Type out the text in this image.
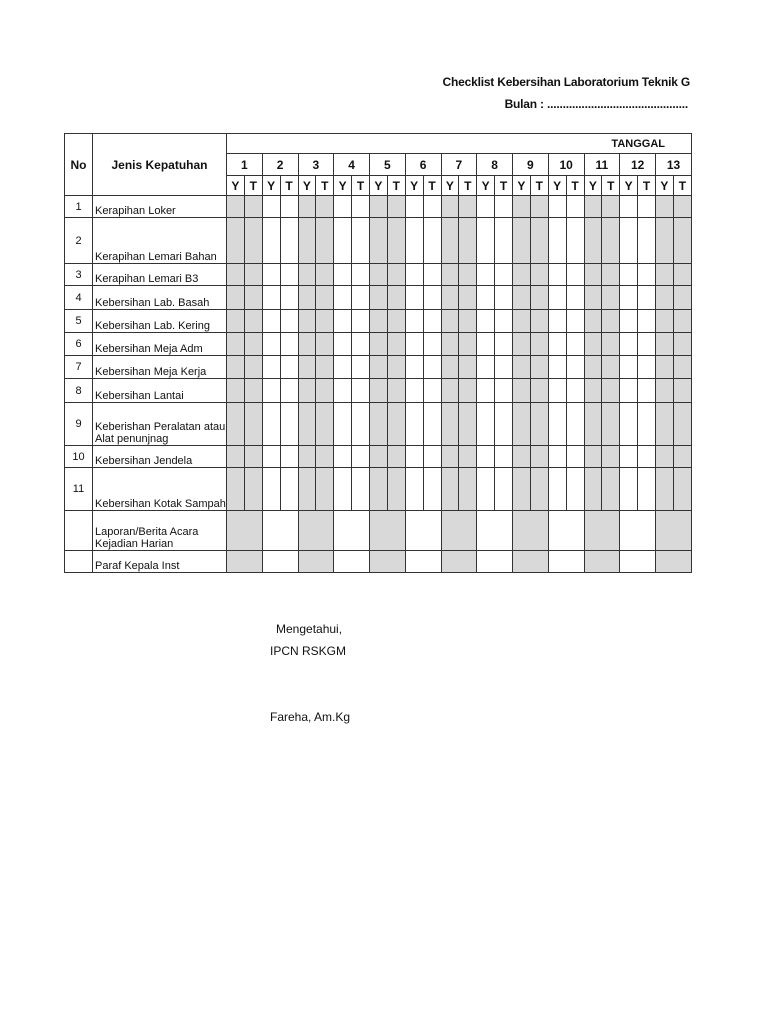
Checklist Kebersihan Laboratorium Teknik G
Bulan : .............................................
No	Jenis Kepatuhan	TANGGAL																									
		1		2		3		4		5		6		7		8		9		10		11		12		13	
		Y	T	Y	T	Y	T	Y	T	Y	T	Y	T	Y	T	Y	T	Y	T	Y	T	Y	T	Y	T	Y	T
1	Kerapihan Loker																										
2	Kerapihan Lemari Bahan																										
3	Kerapihan Lemari B3																										
4	Kebersihan Lab. Basah																										
5	Kebersihan Lab. Kering																										
6	Kebersihan Meja Adm																										
7	Kebersihan Meja Kerja																										
8	Kebersihan Lantai																										
9	Keberishan Peralatan atau Alat penunjnag																										
10	Kebersihan Jendela																										
11	Kebersihan Kotak Sampah																										
	Laporan/Berita Acara Kejadian Harian																										
	Paraf Kepala Inst																										
Mengetahui,
IPCN RSKGM
Fareha, Am.Kg
